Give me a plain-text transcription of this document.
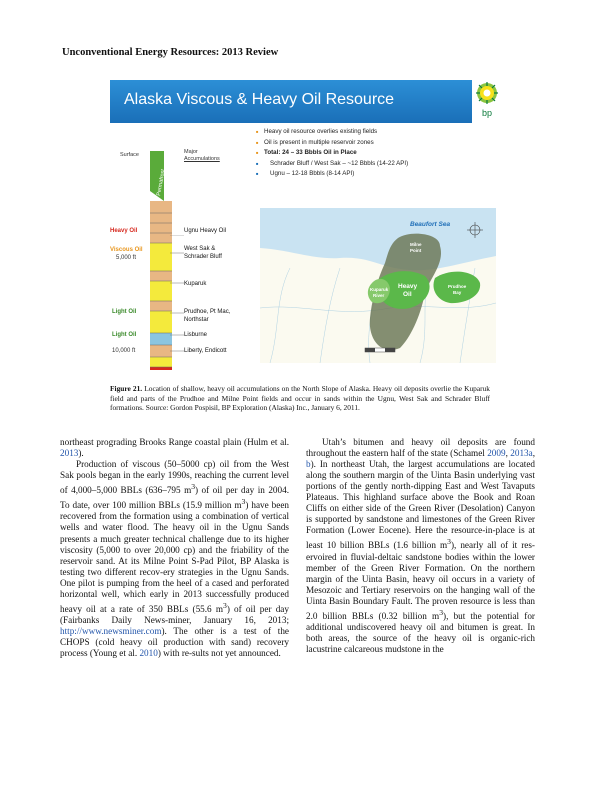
Unconventional Energy Resources: 2013 Review
Alaska Viscous & Heavy Oil Resource
bp
■ Heavy oil resource overlies existing fields
■ Oil is present in multiple reservoir zones
■ Total: 24 – 33 Bbbls Oil in Place
■ Schrader Bluff / West Sak – ~12 Bbbls (14-22 API)
■ Ugnu – 12-18 Bbbls (8-14 API)
Surface	Major
Accumulations
Permafrost
Heavy Oil
Viscous Oil
5,000 ft
Light Oil
Light Oil
10,000 ft
Ugnu Heavy Oil
West Sak &
Schrader Bluff
Kuparuk
Prudhoe, Pt Mac,
Northstar
Lisburne
Liberty, Endicott
Beaufort Sea
Milne
Point
Kuparuk
River
Heavy
Oil
Prudhoe
Bay
Figure 21. Location of shallow, heavy oil accumulations on the North Slope of Alaska. Heavy oil deposits overlie the Kuparuk field and parts of the Prudhoe and Milne Point fields and occur in sands within the Ugnu, West Sak and Schrader Bluff formations. Source: Gordon Pospisil, BP Exploration (Alaska) Inc., January 6, 2011.

northeast prograding Brooks Range coastal plain (Hulm et al. 2013).

Production of viscous (50–5000 cp) oil from the West Sak pools began in the early 1990s, reaching the current level of 4,000–5,000 BBLs (636–795 $m^3$) of oil per day in 2004. To date, over 100 million BBLs (15.9 million $m^3$) have been recovered from the formation using a combination of vertical wells and water flood. The heavy oil in the Ugnu Sands presents a much greater technical challenge due to its higher viscosity (5,000 to over 20,000 cp) and the friability of the reservoir sand. At its Milne Point S-Pad Pilot, BP Alaska is testing two different recov-ery strategies in the Ugnu Sands. One pilot is pumping from the heel of a cased and perforated horizontal well, which early in 2013 successfully produced heavy oil at a rate of 350 BBLs (55.6 $m^3$) of oil per day (Fairbanks Daily News-miner, January 16, 2013; http://www.newsminer.com). The other is a test of the CHOPS (cold heavy oil production with sand) recovery process (Young et al. 2010) with re-sults not yet announced.

Utah’s bitumen and heavy oil deposits are found throughout the eastern half of the state (Schamel 2009, 2013a, b). In northeast Utah, the largest accumulations are located along the southern margin of the Uinta Basin underlying vast portions of the gently north-dipping East and West Tavaputs Plateaus. This highland surface above the Book and Roan Cliffs on either side of the Green River (Desolation) Canyon is supported by sandstone and limestones of the Green River Formation (Lower Eocene). Here the resource-in-place is at least 10 billion BBLs (1.6 billion $m^3$), nearly all of it res-ervoired in fluvial-deltaic sandstone bodies within the lower member of the Green River Formation. On the northern margin of the Uinta Basin, heavy oil occurs in a variety of Mesozoic and Tertiary reservoirs on the hanging wall of the Uinta Basin Boundary Fault. The proven resource is less than 2.0 billion BBLs (0.32 billion $m^3$), but the potential for additional undiscovered heavy oil and bitumen is great. In both areas, the source of the heavy oil is organic-rich lacustrine calcareous mudstone in the
